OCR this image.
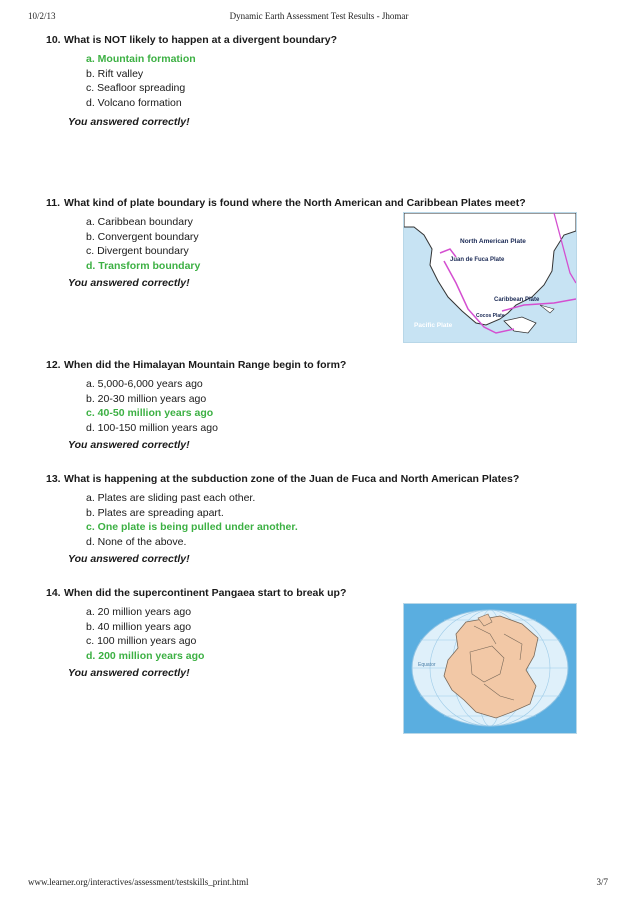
10/2/13	Dynamic Earth Assessment Test Results - Jhomar
10. What is NOT likely to happen at a divergent boundary?
a. Mountain formation
b. Rift valley
c. Seafloor spreading
d. Volcano formation
You answered correctly!
11. What kind of plate boundary is found where the North American and Caribbean Plates meet?
a. Caribbean boundary
b. Convergent boundary
c. Divergent boundary
d. Transform boundary
You answered correctly!
North American Plate
Juan de Fuca Plate
Caribbean Plate
Cocos Plate
Pacific Plate
12. When did the Himalayan Mountain Range begin to form?
a. 5,000-6,000 years ago
b. 20-30 million years ago
c. 40-50 million years ago
d. 100-150 million years ago
You answered correctly!
13. What is happening at the subduction zone of the Juan de Fuca and North American Plates?
a. Plates are sliding past each other.
b. Plates are spreading apart.
c. One plate is being pulled under another.
d. None of the above.
You answered correctly!
14. When did the supercontinent Pangaea start to break up?
a. 20 million years ago
b. 40 million years ago
c. 100 million years ago
d. 200 million years ago
You answered correctly!
Equator
www.learner.org/interactives/assessment/testskills_print.html	3/7
